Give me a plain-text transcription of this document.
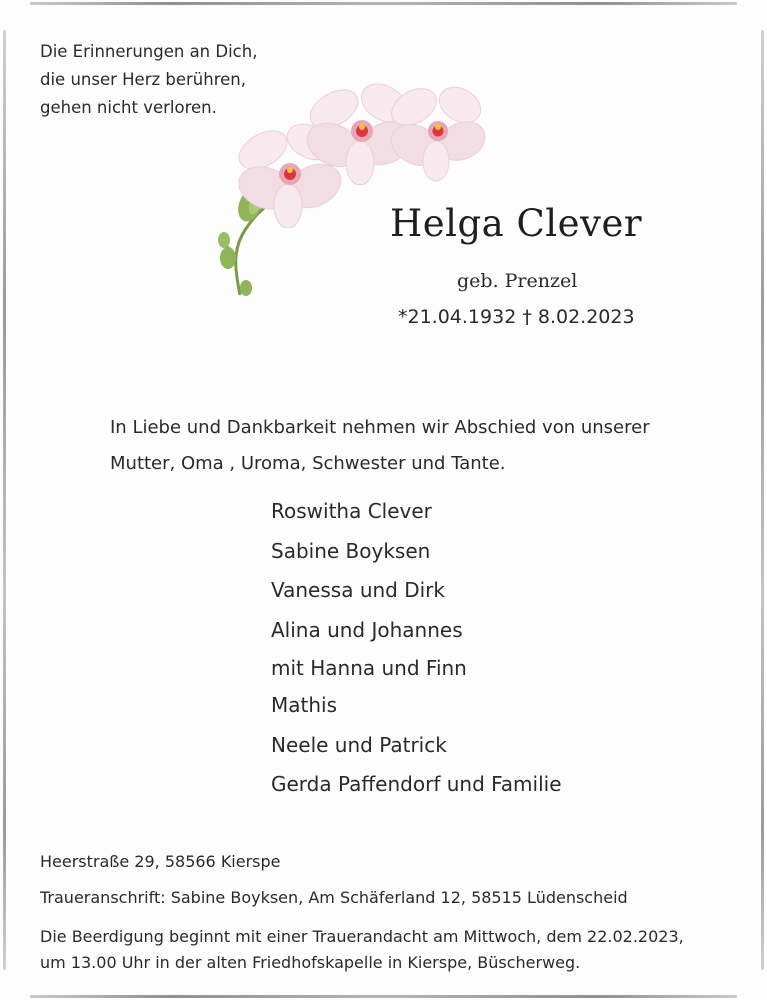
Die Erinnerungen an Dich,
die unser Herz berühren,
gehen nicht verloren.
Helga Clever
geb. Prenzel
*21.04.1932 † 8.02.2023
In Liebe und Dankbarkeit nehmen wir Abschied von unserer
Mutter, Oma , Uroma, Schwester und Tante.
Roswitha Clever
Sabine Boyksen
Vanessa und Dirk
Alina und Johannes
mit Hanna und Finn
Mathis
Neele und Patrick
Gerda Paffendorf und Familie
Heerstraße 29, 58566 Kierspe
Traueranschrift: Sabine Boyksen, Am Schäferland 12, 58515 Lüdenscheid
Die Beerdigung beginnt mit einer Trauerandacht am Mittwoch, dem 22.02.2023,
um 13.00 Uhr in der alten Friedhofskapelle in Kierspe, Büscherweg.
